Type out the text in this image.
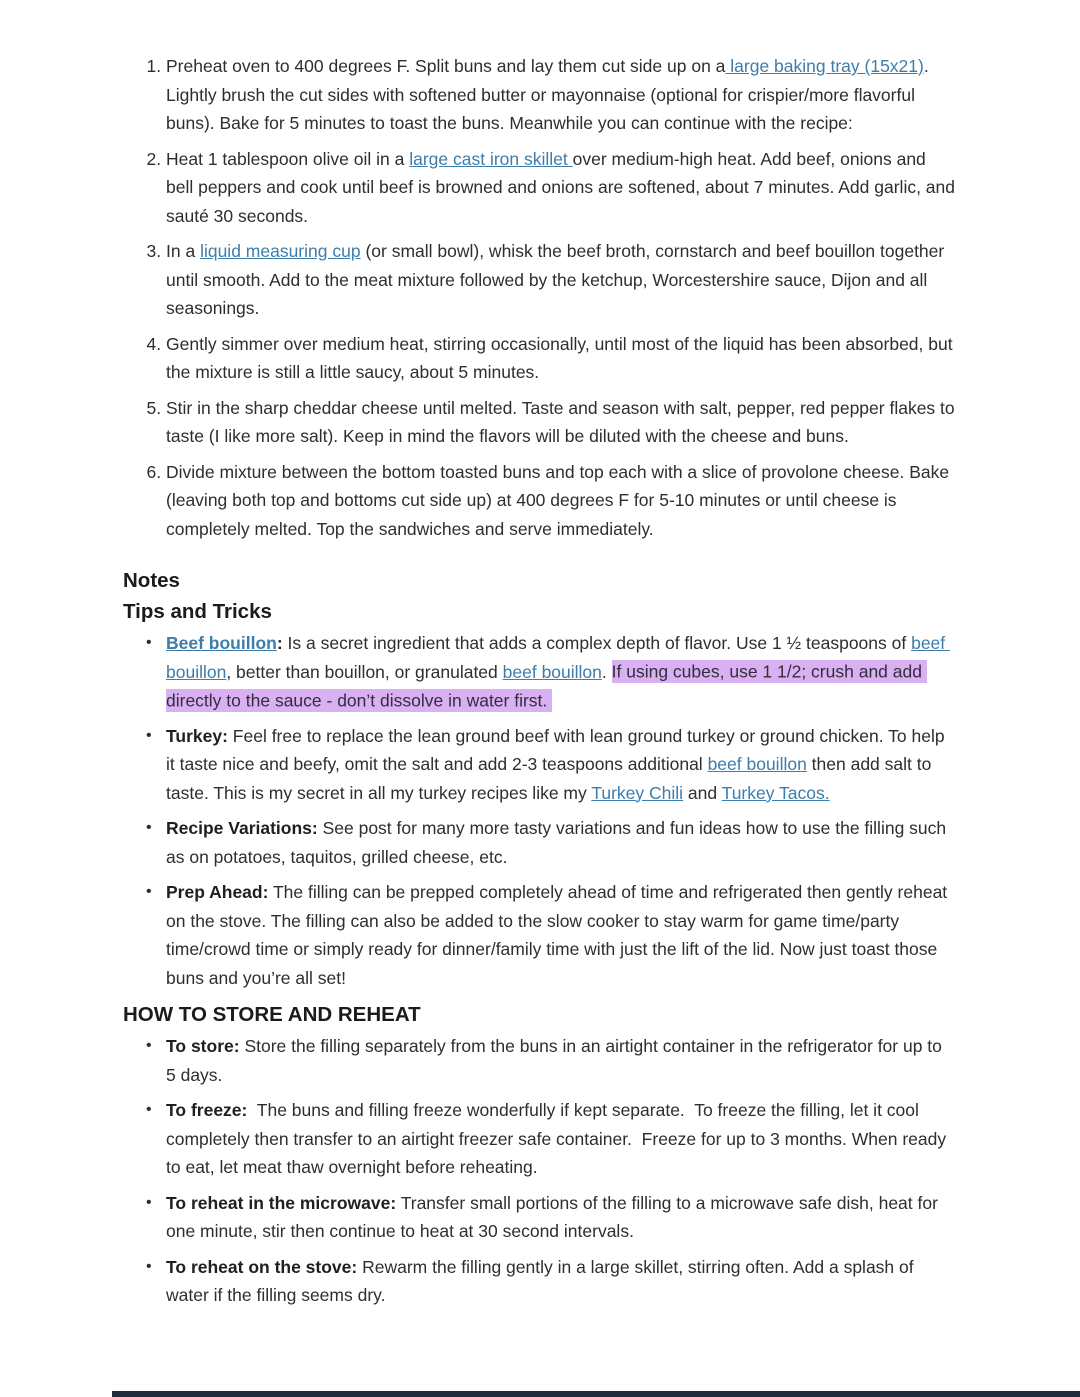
1. Preheat oven to 400 degrees F. Split buns and lay them cut side up on a large baking tray (15x21). Lightly brush the cut sides with softened butter or mayonnaise (optional for crispier/more flavorful buns). Bake for 5 minutes to toast the buns. Meanwhile you can continue with the recipe:
2. Heat 1 tablespoon olive oil in a large cast iron skillet over medium-high heat. Add beef, onions and bell peppers and cook until beef is browned and onions are softened, about 7 minutes. Add garlic, and sauté 30 seconds.
3. In a liquid measuring cup (or small bowl), whisk the beef broth, cornstarch and beef bouillon together until smooth. Add to the meat mixture followed by the ketchup, Worcestershire sauce, Dijon and all seasonings.
4. Gently simmer over medium heat, stirring occasionally, until most of the liquid has been absorbed, but the mixture is still a little saucy, about 5 minutes.
5. Stir in the sharp cheddar cheese until melted. Taste and season with salt, pepper, red pepper flakes to taste (I like more salt). Keep in mind the flavors will be diluted with the cheese and buns.
6. Divide mixture between the bottom toasted buns and top each with a slice of provolone cheese. Bake (leaving both top and bottoms cut side up) at 400 degrees F for 5-10 minutes or until cheese is completely melted. Top the sandwiches and serve immediately.
Notes
Tips and Tricks
• Beef bouillon: Is a secret ingredient that adds a complex depth of flavor. Use 1 ½ teaspoons of beef bouillon, better than bouillon, or granulated beef bouillon. If using cubes, use 1 1/2; crush and add directly to the sauce - don’t dissolve in water first.
• Turkey: Feel free to replace the lean ground beef with lean ground turkey or ground chicken. To help it taste nice and beefy, omit the salt and add 2-3 teaspoons additional beef bouillon then add salt to taste. This is my secret in all my turkey recipes like my Turkey Chili and Turkey Tacos.
• Recipe Variations: See post for many more tasty variations and fun ideas how to use the filling such as on potatoes, taquitos, grilled cheese, etc.
• Prep Ahead: The filling can be prepped completely ahead of time and refrigerated then gently reheat on the stove. The filling can also be added to the slow cooker to stay warm for game time/party time/crowd time or simply ready for dinner/family time with just the lift of the lid. Now just toast those buns and you’re all set!
HOW TO STORE AND REHEAT
• To store: Store the filling separately from the buns in an airtight container in the refrigerator for up to 5 days.
• To freeze:  The buns and filling freeze wonderfully if kept separate.  To freeze the filling, let it cool completely then transfer to an airtight freezer safe container.  Freeze for up to 3 months. When ready to eat, let meat thaw overnight before reheating.
• To reheat in the microwave: Transfer small portions of the filling to a microwave safe dish, heat for one minute, stir then continue to heat at 30 second intervals.
• To reheat on the stove: Rewarm the filling gently in a large skillet, stirring often. Add a splash of water if the filling seems dry.
